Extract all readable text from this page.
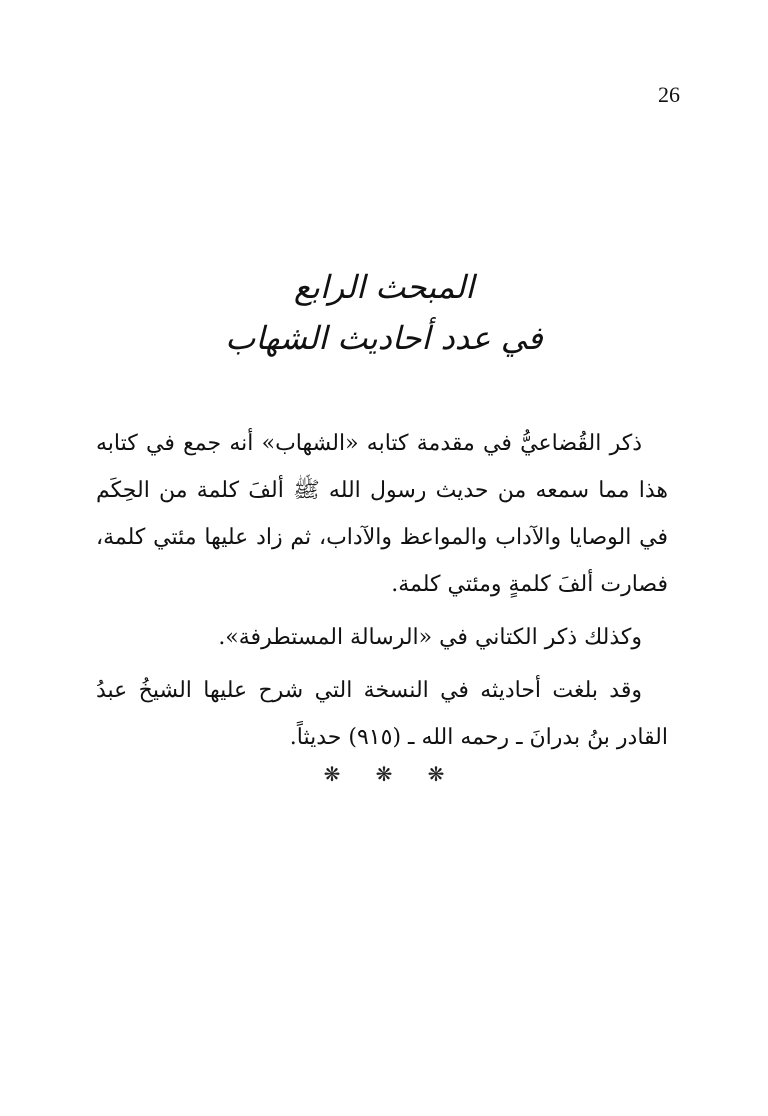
26

المبحث الرابع

في عدد أحاديث الشهاب

ذكر القُضاعيُّ في مقدمة كتابه «الشهاب» أنه جمع في كتابه هذا مما سمعه من حديث رسول الله ﷺ ألفَ كلمة من الحِكَم في الوصايا والآداب والمواعظ والآداب، ثم زاد عليها مئتي كلمة، فصارت ألفَ كلمةٍ ومئتي كلمة.

وكذلك ذكر الكتاني في «الرسالة المستطرفة».

وقد بلغت أحاديثه في النسخة التي شرح عليها الشيخُ عبدُ القادر بنُ بدرانَ ـ رحمه الله ـ (٩١٥) حديثاً.

❋ ❋ ❋
